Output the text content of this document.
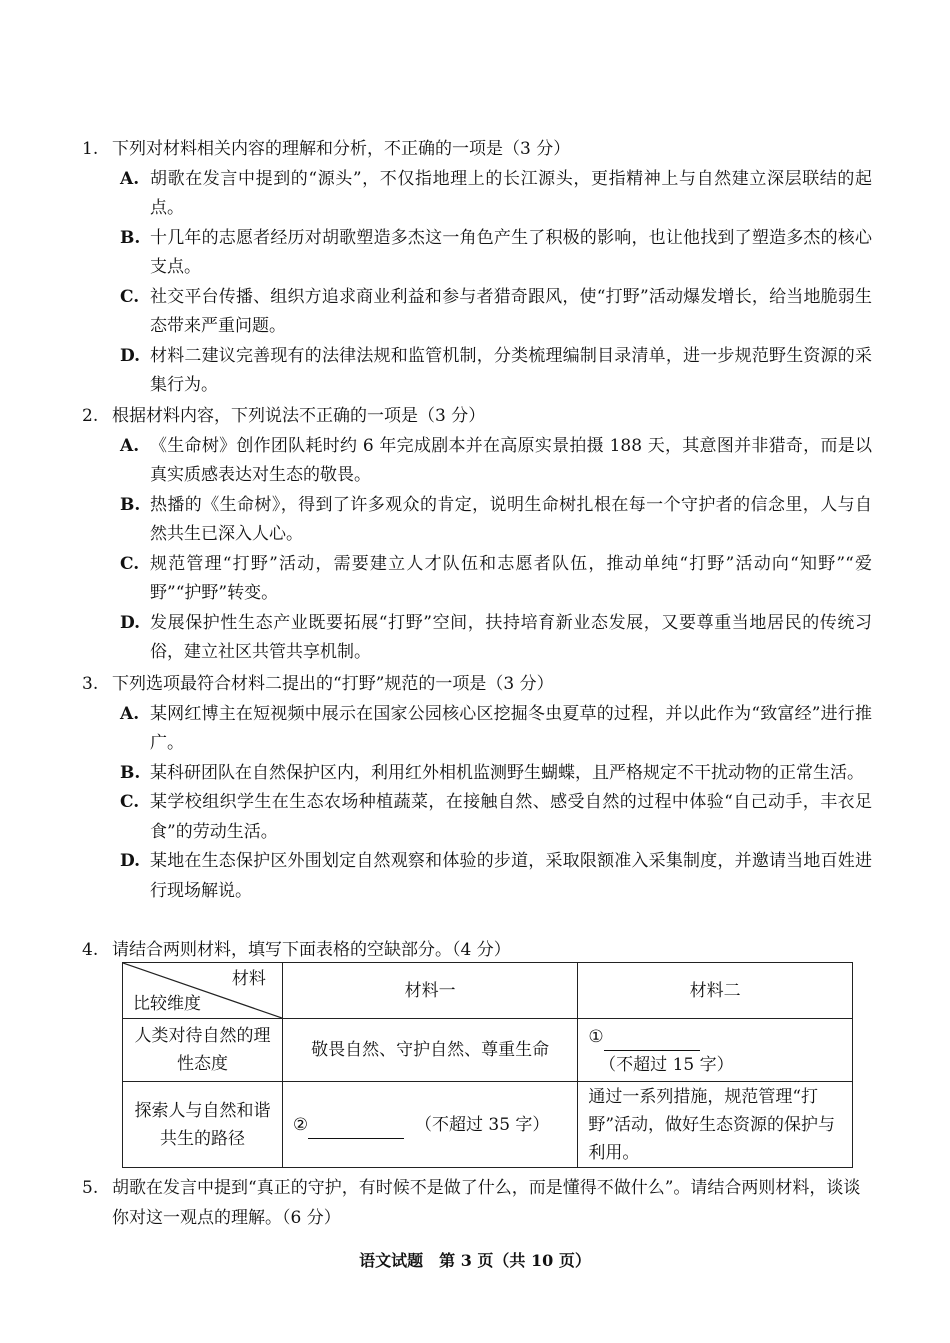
1. 下列对材料相关内容的理解和分析，不正确的一项是（3 分）
A. 胡歌在发言中提到的“源头”，不仅指地理上的长江源头，更指精神上与自然建立深层联结的起点。
B. 十几年的志愿者经历对胡歌塑造多杰这一角色产生了积极的影响，也让他找到了塑造多杰的核心支点。
C. 社交平台传播、组织方追求商业利益和参与者猎奇跟风，使“打野”活动爆发增长，给当地脆弱生态带来严重问题。
D. 材料二建议完善现有的法律法规和监管机制，分类梳理编制目录清单，进一步规范野生资源的采集行为。
2. 根据材料内容，下列说法不正确的一项是（3 分）
A. 《生命树》创作团队耗时约 6 年完成剧本并在高原实景拍摄 188 天，其意图并非猎奇，而是以真实质感表达对生态的敬畏。
B. 热播的《生命树》，得到了许多观众的肯定，说明生命树扎根在每一个守护者的信念里，人与自然共生已深入人心。
C. 规范管理“打野”活动，需要建立人才队伍和志愿者队伍，推动单纯“打野”活动向“知野”“爱野”“护野”转变。
D. 发展保护性生态产业既要拓展“打野”空间，扶持培育新业态发展，又要尊重当地居民的传统习俗，建立社区共管共享机制。
3. 下列选项最符合材料二提出的“打野”规范的一项是（3 分）
A. 某网红博主在短视频中展示在国家公园核心区挖掘冬虫夏草的过程，并以此作为“致富经”进行推广。
B. 某科研团队在自然保护区内，利用红外相机监测野生蝴蝶，且严格规定不干扰动物的正常生活。
C. 某学校组织学生在生态农场种植蔬菜，在接触自然、感受自然的过程中体验“自己动手，丰衣足食”的劳动生活。
D. 某地在生态保护区外围划定自然观察和体验的步道，采取限额准入采集制度，并邀请当地百姓进行现场解说。
4. 请结合两则材料，填写下面表格的空缺部分。（4 分）
材料
比较维度	材料一	材料二
人类对待自然的理性态度	敬畏自然、守护自然、尊重生命	①   （不超过 15 字）
探索人与自然和谐共生的路径	② （不超过 35 字）	通过一系列措施，规范管理“打野”活动，做好生态资源的保护与利用。
5. 胡歌在发言中提到“真正的守护，有时候不是做了什么，而是懂得不做什么”。请结合两则材料，谈谈你对这一观点的理解。（6 分）
语文试题　第 3 页（共 10 页）
